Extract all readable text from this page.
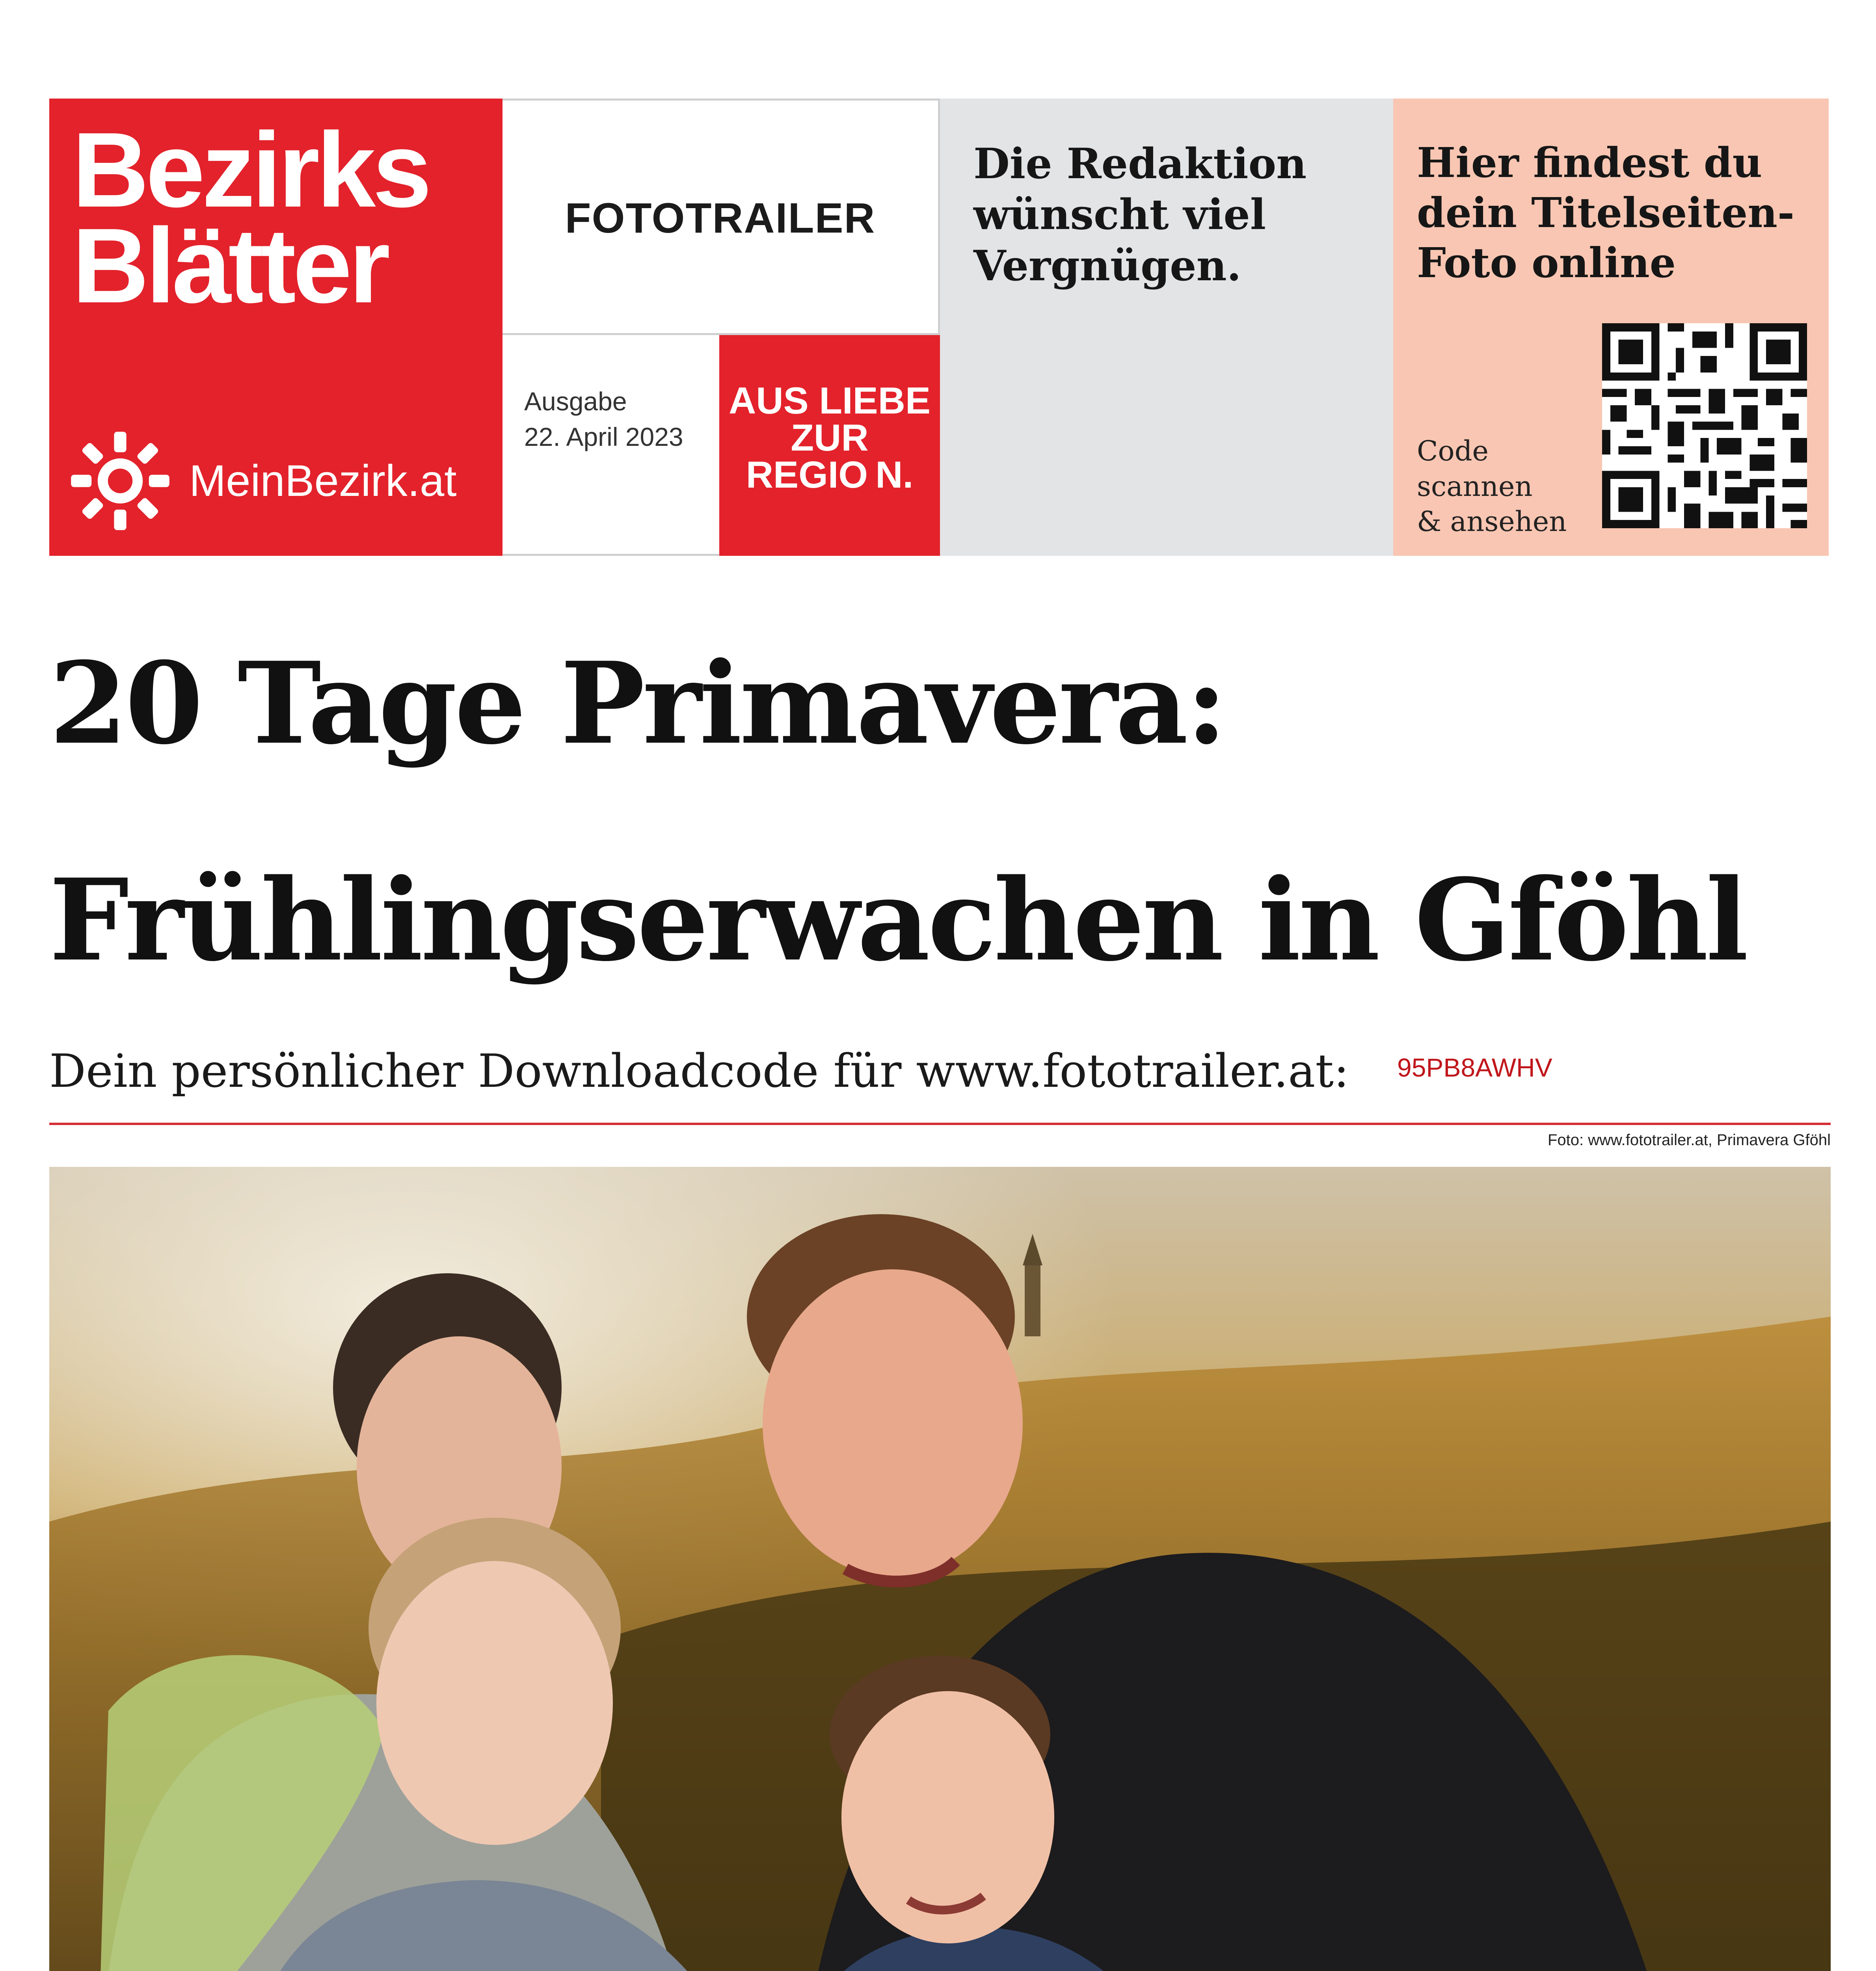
Bezirks
Blätter
MeinBezirk.at
FOTOTRAILER
Ausgabe
22. April 2023
AUS LIEBE
ZUR
REGIO N.
Die Redaktion
wünscht viel
Vergnügen.
Hier findest du
dein Titelseiten-
Foto online
Code
scannen
& ansehen
20 Tage Primavera:
Frühlingserwachen in Gföhl
Dein persönlicher Downloadcode für www.fototrailer.at: 95PB8AWHV
Foto: www.fototrailer.at, Primavera Gföhl
